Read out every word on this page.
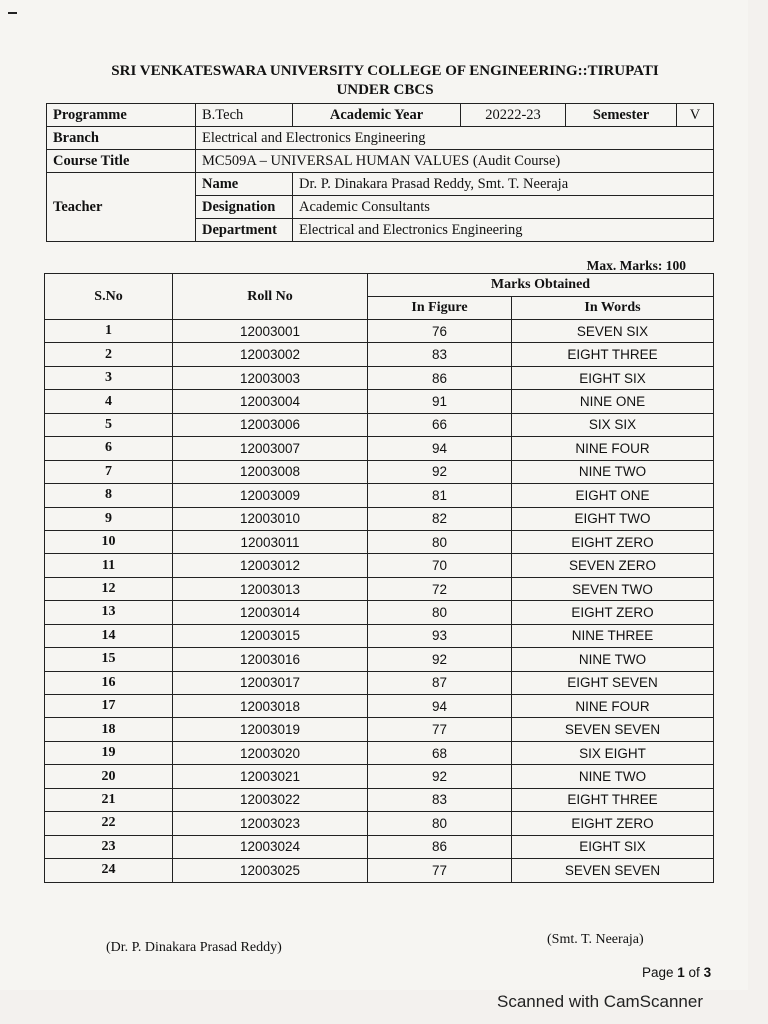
SRI VENKATESWARA UNIVERSITY COLLEGE OF ENGINEERING::TIRUPATI
UNDER CBCS
Programme	B.Tech	Academic Year	20222-23	Semester	V
Branch	Electrical and Electronics Engineering				
Course Title	MC509A – UNIVERSAL HUMAN VALUES (Audit Course)				
Teacher	Name	Dr. P. Dinakara Prasad Reddy, Smt. T. Neeraja			
	Designation	Academic Consultants			
	Department	Electrical and Electronics Engineering			
Max. Marks: 100
S.No	Roll No	Marks Obtained	
		In Figure	In Words
1	12003001	76	SEVEN SIX
2	12003002	83	EIGHT THREE
3	12003003	86	EIGHT SIX
4	12003004	91	NINE ONE
5	12003006	66	SIX SIX
6	12003007	94	NINE FOUR
7	12003008	92	NINE TWO
8	12003009	81	EIGHT ONE
9	12003010	82	EIGHT TWO
10	12003011	80	EIGHT ZERO
11	12003012	70	SEVEN ZERO
12	12003013	72	SEVEN TWO
13	12003014	80	EIGHT ZERO
14	12003015	93	NINE THREE
15	12003016	92	NINE TWO
16	12003017	87	EIGHT SEVEN
17	12003018	94	NINE FOUR
18	12003019	77	SEVEN SEVEN
19	12003020	68	SIX EIGHT
20	12003021	92	NINE TWO
21	12003022	83	EIGHT THREE
22	12003023	80	EIGHT ZERO
23	12003024	86	EIGHT SIX
24	12003025	77	SEVEN SEVEN
(Dr. P. Dinakara Prasad Reddy)
(Smt. T. Neeraja)
Page 1 of 3
Scanned with CamScanner
